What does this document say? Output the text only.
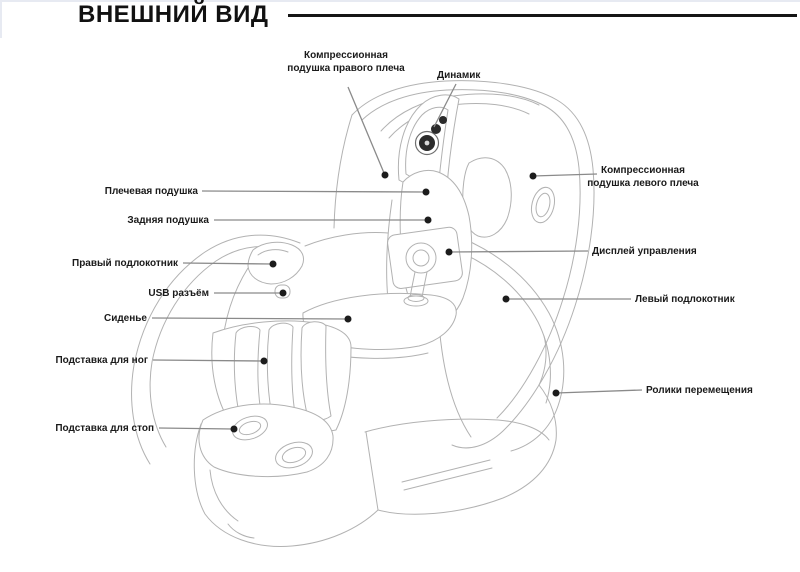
ВНЕШНИЙ ВИД
Компрессионная
подушка правого плеча
Динамик
Компрессионная
подушка левого плеча
Дисплей управления
Левый подлокотник
Ролики перемещения
Плечевая подушка
Задняя подушка
Правый подлокотник
USB разъём
Сиденье
Подставка для ног
Подставка для стоп
